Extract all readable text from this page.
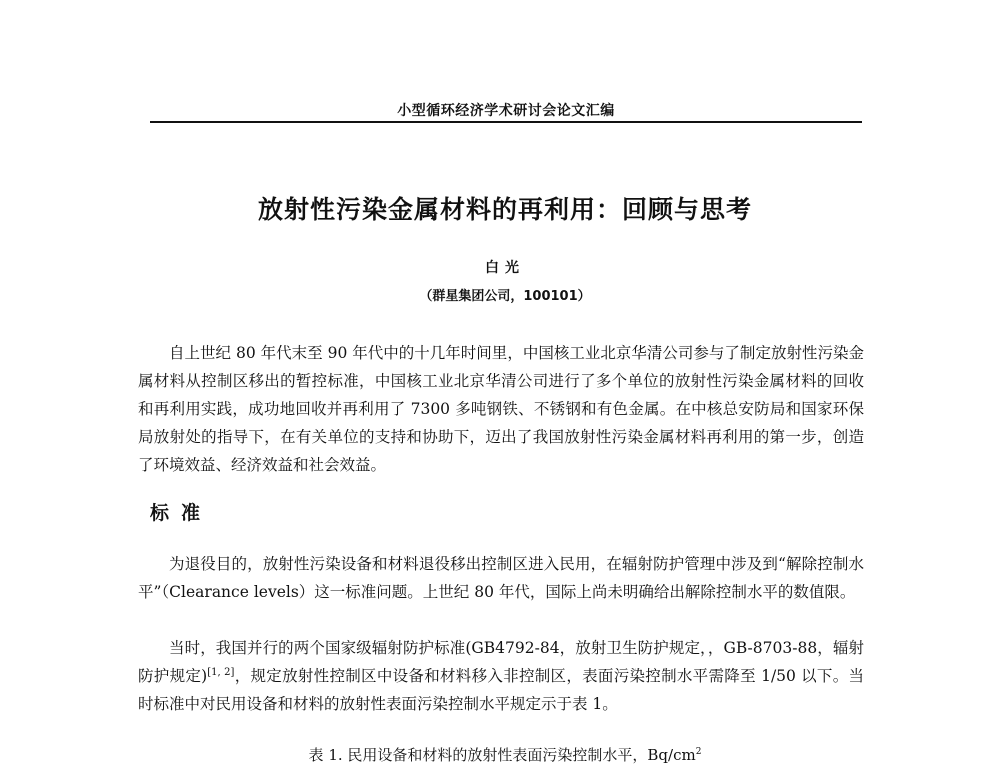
小型循环经济学术研讨会论文汇编
放射性污染金属材料的再利用：回顾与思考
白光
（群星集团公司，100101）

自上世纪 80 年代末至 90 年代中的十几年时间里，中国核工业北京华清公司参与了制定放射性污染金属材料从控制区移出的暂控标准，中国核工业北京华清公司进行了多个单位的放射性污染金属材料的回收和再利用实践，成功地回收并再利用了 7300 多吨钢铁、不锈钢和有色金属。在中核总安防局和国家环保局放射处的指导下，在有关单位的支持和协助下，迈出了我国放射性污染金属材料再利用的第一步，创造了环境效益、经济效益和社会效益。

标准

为退役目的，放射性污染设备和材料退役移出控制区进入民用，在辐射防护管理中涉及到“解除控制水平”（Clearance levels）这一标准问题。上世纪 80 年代，国际上尚未明确给出解除控制水平的数值限。

当时，我国并行的两个国家级辐射防护标准(GB4792-84，放射卫生防护规定，，GB-8703-88，辐射防护规定)[1, 2]，规定放射性控制区中设备和材料移入非控制区，表面污染控制水平需降至 1/50 以下。当时标准中对民用设备和材料的放射性表面污染控制水平规定示于表 1。

表 1. 民用设备和材料的放射性表面污染控制水平，$Bq/cm^2$
